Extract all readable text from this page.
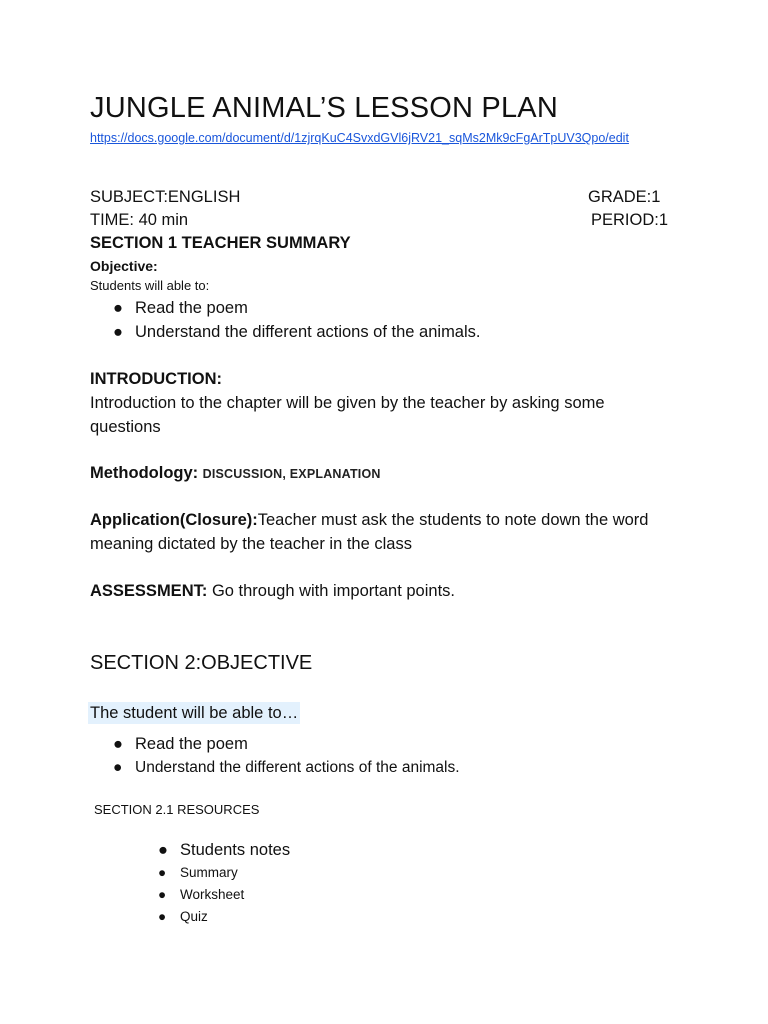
JUNGLE ANIMAL’S LESSON PLAN
https://docs.google.com/document/d/1zjrqKuC4SvxdGVl6jRV21_sqMs2Mk9cFgArTpUV3Qpo/edit
SUBJECT:ENGLISH	GRADE:1
TIME: 40 min	PERIOD:1
SECTION 1 TEACHER SUMMARY
Objective:
Students will able to:
● Read the poem
● Understand the different actions of the animals.
INTRODUCTION:
Introduction to the chapter will be given by the teacher by asking some
questions
Methodology: DISCUSSION, EXPLANATION
Application(Closure):Teacher must ask the students to note down the word
meaning dictated by the teacher in the class
ASSESSMENT: Go through with important points.
SECTION 2:OBJECTIVE
The student will be able to…
● Read the poem
● Understand the different actions of the animals.
SECTION 2.1 RESOURCES
● Students notes
● Summary
● Worksheet
● Quiz
